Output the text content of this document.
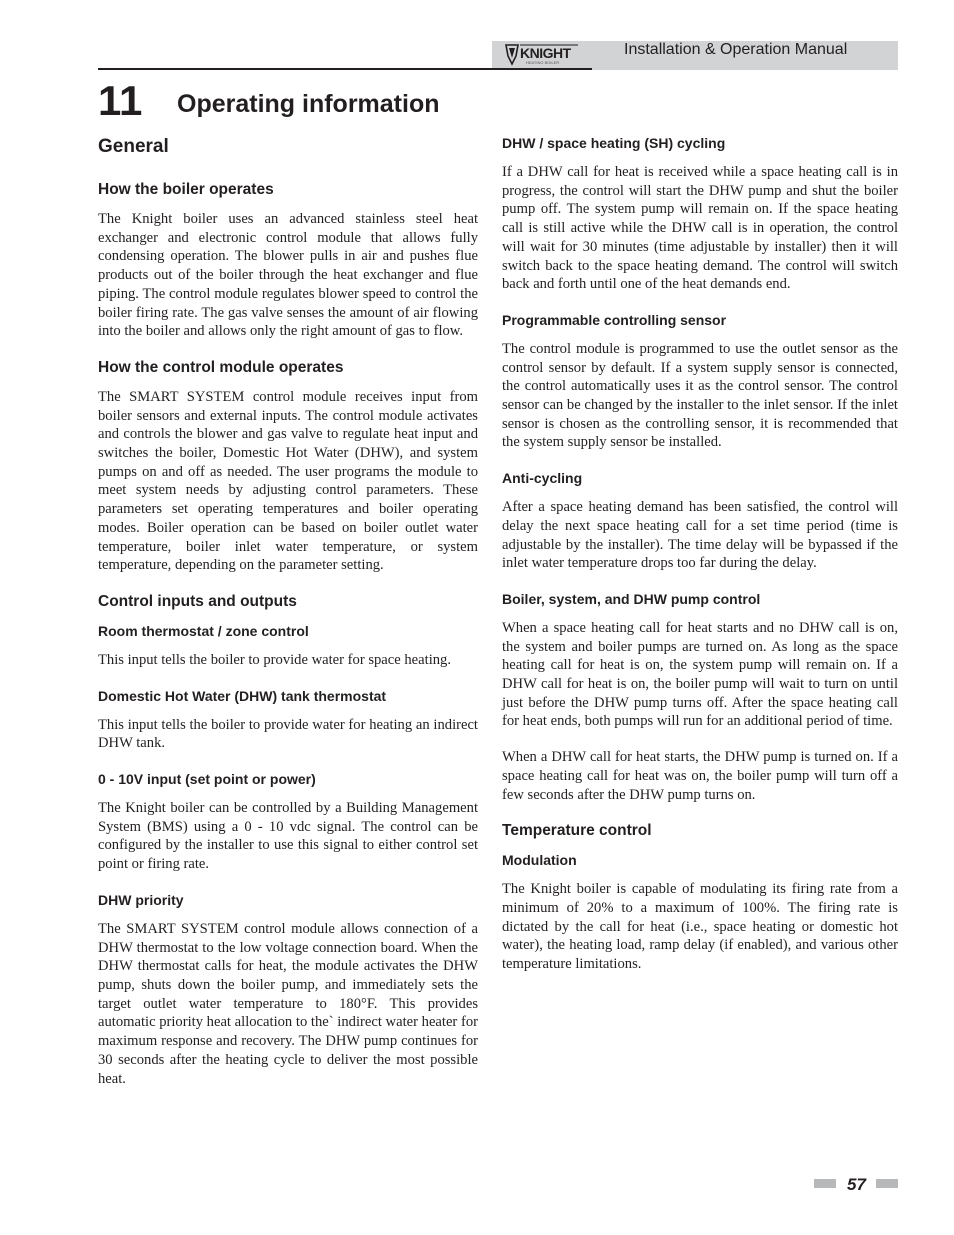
KNIGHT
HEATING BOILER
Installation & Operation Manual
11 Operating information
General
How the boiler operates

The Knight boiler uses an advanced stainless steel heat exchanger and electronic control module that allows fully condensing operation. The blower pulls in air and pushes flue products out of the boiler through the heat exchanger and flue piping. The control module regulates blower speed to control the boiler firing rate. The gas valve senses the amount of air flowing into the boiler and allows only the right amount of gas to flow.

How the control module operates

The SMART SYSTEM control module receives input from boiler sensors and external inputs. The control module activates and controls the blower and gas valve to regulate heat input and switches the boiler, Domestic Hot Water (DHW), and system pumps on and off as needed. The user programs the module to meet system needs by adjusting control parameters. These parameters set operating temperatures and boiler operating modes. Boiler operation can be based on boiler outlet water temperature, boiler inlet water temperature, or system temperature, depending on the parameter setting.

Control inputs and outputs
Room thermostat / zone control

This input tells the boiler to provide water for space heating.

Domestic Hot Water (DHW) tank thermostat

This input tells the boiler to provide water for heating an indirect DHW tank.

0 - 10V input (set point or power)

The Knight boiler can be controlled by a Building Management System (BMS) using a 0 - 10 vdc signal. The control can be configured by the installer to use this signal to either control set point or firing rate.

DHW priority

The SMART SYSTEM control module allows connection of a DHW thermostat to the low voltage connection board. When the DHW thermostat calls for heat, the module activates the DHW pump, shuts down the boiler pump, and immediately sets the target outlet water temperature to 180°F. This provides automatic priority heat allocation to the` indirect water heater for maximum response and recovery. The DHW pump continues for 30 seconds after the heating cycle to deliver the most possible heat.

DHW / space heating (SH) cycling

If a DHW call for heat is received while a space heating call is in progress, the control will start the DHW pump and shut the boiler pump off. The system pump will remain on. If the space heating call is still active while the DHW call is in operation, the control will wait for 30 minutes (time adjustable by installer) then it will switch back to the space heating demand. The control will switch back and forth until one of the heat demands end.

Programmable controlling sensor

The control module is programmed to use the outlet sensor as the control sensor by default. If a system supply sensor is connected, the control automatically uses it as the control sensor. The control sensor can be changed by the installer to the inlet sensor. If the inlet sensor is chosen as the controlling sensor, it is recommended that the system supply sensor be installed.

Anti-cycling

After a space heating demand has been satisfied, the control will delay the next space heating call for a set time period (time is adjustable by the installer). The time delay will be bypassed if the inlet water temperature drops too far during the delay.

Boiler, system, and DHW pump control

When a space heating call for heat starts and no DHW call is on, the system and boiler pumps are turned on. As long as the space heating call for heat is on, the system pump will remain on. If a DHW call for heat is on, the boiler pump will wait to turn on until just before the DHW pump turns off. After the space heating call for heat ends, both pumps will run for an additional period of time.

When a DHW call for heat starts, the DHW pump is turned on. If a space heating call for heat was on, the boiler pump will turn off a few seconds after the DHW pump turns on.

Temperature control
Modulation

The Knight boiler is capable of modulating its firing rate from a minimum of 20% to a maximum of 100%. The firing rate is dictated by the call for heat (i.e., space heating or domestic hot water), the heating load, ramp delay (if enabled), and various other temperature limitations.

57
